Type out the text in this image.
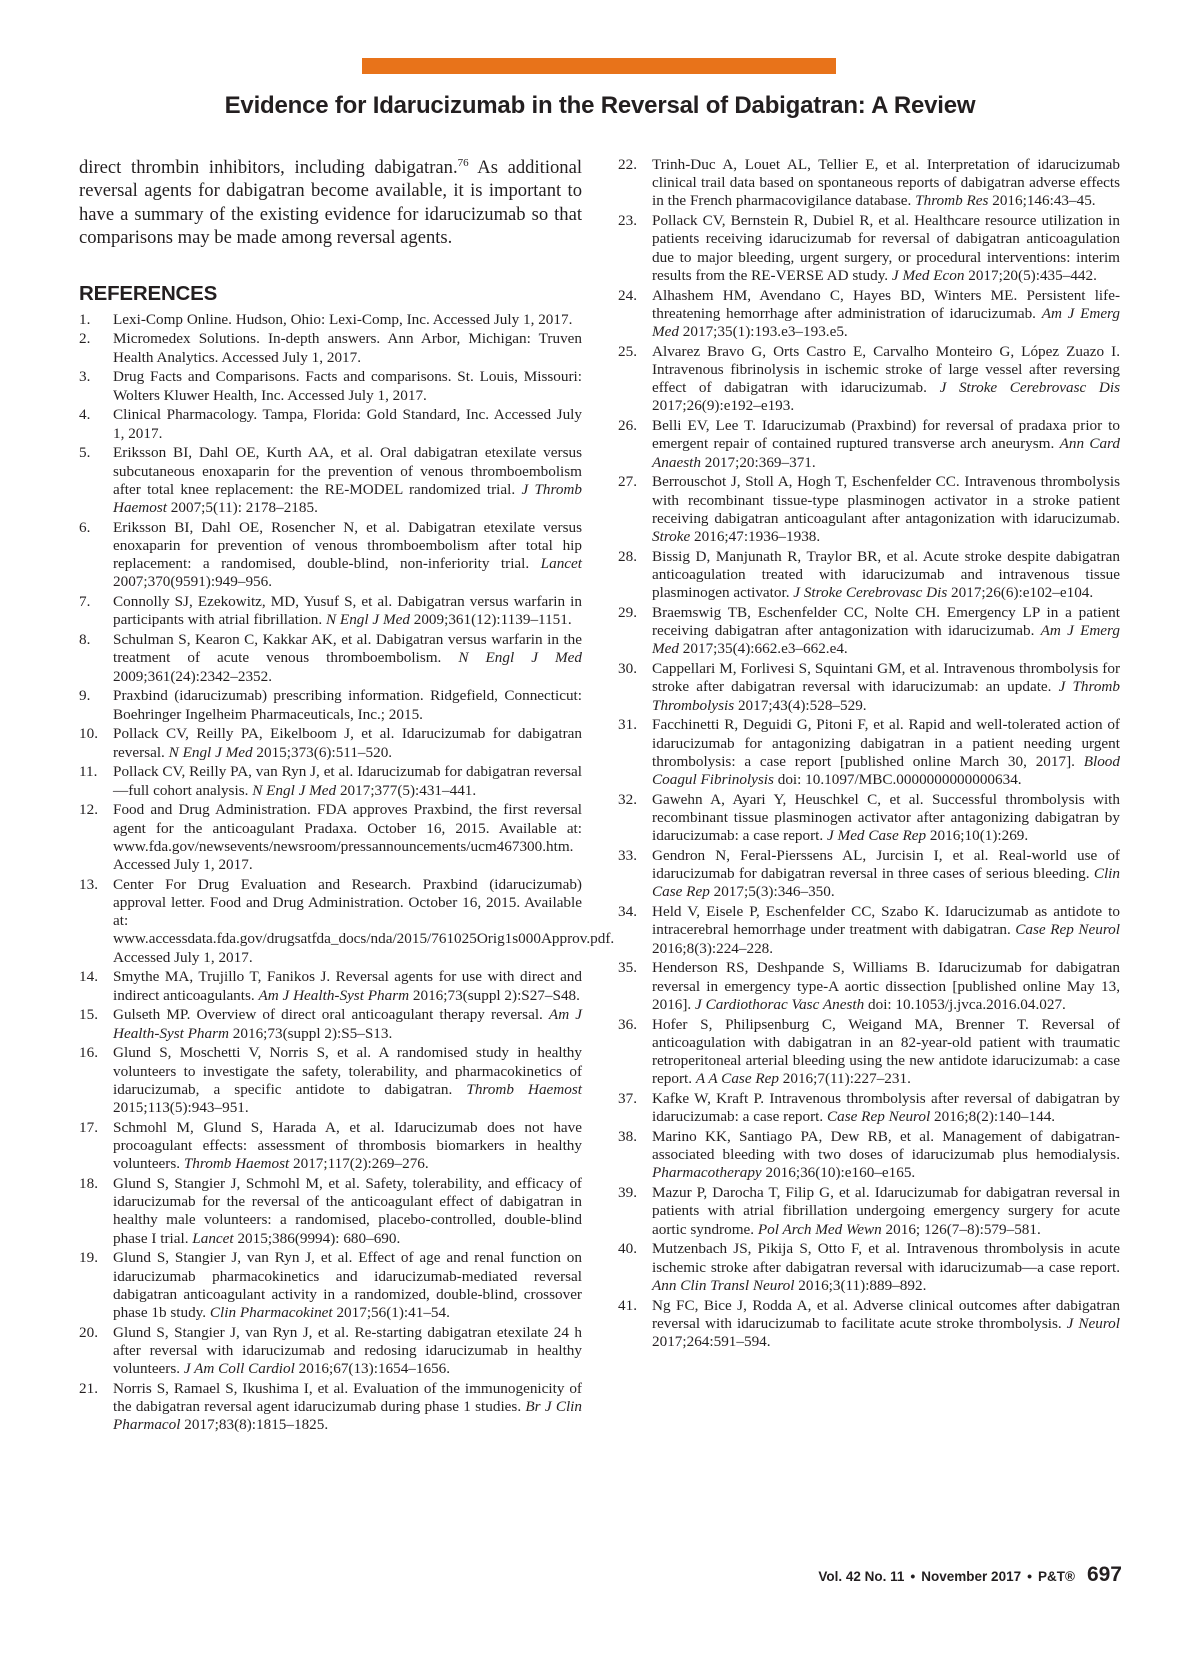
Evidence for Idarucizumab in the Reversal of Dabigatran: A Review

direct thrombin inhibitors, including dabigatran.$^{76}$ As additional reversal agents for dabigatran become available, it is important to have a summary of the existing evidence for idarucizumab so that comparisons may be made among reversal agents.

REFERENCES
1. Lexi-Comp Online. Hudson, Ohio: Lexi-Comp, Inc. Accessed July 1, 2017.
2. Micromedex Solutions. In-depth answers. Ann Arbor, Michigan: Truven Health Analytics. Accessed July 1, 2017.
3. Drug Facts and Comparisons. Facts and comparisons. St. Louis, Missouri: Wolters Kluwer Health, Inc. Accessed July 1, 2017.
4. Clinical Pharmacology. Tampa, Florida: Gold Standard, Inc. Accessed July 1, 2017.
5. Eriksson BI, Dahl OE, Kurth AA, et al. Oral dabigatran etexilate versus subcutaneous enoxaparin for the prevention of venous thromboembolism after total knee replacement: the RE-MODEL randomized trial. J Thromb Haemost 2007;5(11): 2178–2185.
6. Eriksson BI, Dahl OE, Rosencher N, et al. Dabigatran etexilate versus enoxaparin for prevention of venous thromboembolism after total hip replacement: a randomised, double-blind, non-inferiority trial. Lancet 2007;370(9591):949–956.
7. Connolly SJ, Ezekowitz, MD, Yusuf S, et al. Dabigatran versus warfarin in participants with atrial fibrillation. N Engl J Med 2009;361(12):1139–1151.
8. Schulman S, Kearon C, Kakkar AK, et al. Dabigatran versus warfarin in the treatment of acute venous thromboembolism. N Engl J Med 2009;361(24):2342–2352.
9. Praxbind (idarucizumab) prescribing information. Ridgefield, Connecticut: Boehringer Ingelheim Pharmaceuticals, Inc.; 2015.
10. Pollack CV, Reilly PA, Eikelboom J, et al. Idarucizumab for dabigatran reversal. N Engl J Med 2015;373(6):511–520.
11. Pollack CV, Reilly PA, van Ryn J, et al. Idarucizumab for dabigatran reversal—full cohort analysis. N Engl J Med 2017;377(5):431–441.
12. Food and Drug Administration. FDA approves Praxbind, the first reversal agent for the anticoagulant Pradaxa. October 16, 2015. Available at: www.fda.gov/newsevents/newsroom/pressannouncements/ucm467300.htm. Accessed July 1, 2017.
13. Center For Drug Evaluation and Research. Praxbind (idarucizumab) approval letter. Food and Drug Administration. October 16, 2015. Available at: www.accessdata.fda.gov/drugsatfda_docs/nda/2015/761025Orig1s000Approv.pdf. Accessed July 1, 2017.
14. Smythe MA, Trujillo T, Fanikos J. Reversal agents for use with direct and indirect anticoagulants. Am J Health-Syst Pharm 2016;73(suppl 2):S27–S48.
15. Gulseth MP. Overview of direct oral anticoagulant therapy reversal. Am J Health-Syst Pharm 2016;73(suppl 2):S5–S13.
16. Glund S, Moschetti V, Norris S, et al. A randomised study in healthy volunteers to investigate the safety, tolerability, and pharmacokinetics of idarucizumab, a specific antidote to dabigatran. Thromb Haemost 2015;113(5):943–951.
17. Schmohl M, Glund S, Harada A, et al. Idarucizumab does not have procoagulant effects: assessment of thrombosis biomarkers in healthy volunteers. Thromb Haemost 2017;117(2):269–276.
18. Glund S, Stangier J, Schmohl M, et al. Safety, tolerability, and efficacy of idarucizumab for the reversal of the anticoagulant effect of dabigatran in healthy male volunteers: a randomised, placebo-controlled, double-blind phase I trial. Lancet 2015;386(9994): 680–690.
19. Glund S, Stangier J, van Ryn J, et al. Effect of age and renal function on idarucizumab pharmacokinetics and idarucizumab-mediated reversal dabigatran anticoagulant activity in a randomized, double-blind, crossover phase 1b study. Clin Pharmacokinet 2017;56(1):41–54.
20. Glund S, Stangier J, van Ryn J, et al. Re-starting dabigatran etexilate 24 h after reversal with idarucizumab and redosing idarucizumab in healthy volunteers. J Am Coll Cardiol 2016;67(13):1654–1656.
21. Norris S, Ramael S, Ikushima I, et al. Evaluation of the immunogenicity of the dabigatran reversal agent idarucizumab during phase 1 studies. Br J Clin Pharmacol 2017;83(8):1815–1825.
22. Trinh-Duc A, Louet AL, Tellier E, et al. Interpretation of idarucizumab clinical trail data based on spontaneous reports of dabigatran adverse effects in the French pharmacovigilance database. Thromb Res 2016;146:43–45.
23. Pollack CV, Bernstein R, Dubiel R, et al. Healthcare resource utilization in patients receiving idarucizumab for reversal of dabigatran anticoagulation due to major bleeding, urgent surgery, or procedural interventions: interim results from the RE-VERSE AD study. J Med Econ 2017;20(5):435–442.
24. Alhashem HM, Avendano C, Hayes BD, Winters ME. Persistent life-threatening hemorrhage after administration of idarucizumab. Am J Emerg Med 2017;35(1):193.e3–193.e5.
25. Alvarez Bravo G, Orts Castro E, Carvalho Monteiro G, López Zuazo I. Intravenous fibrinolysis in ischemic stroke of large vessel after reversing effect of dabigatran with idarucizumab. J Stroke Cerebrovasc Dis 2017;26(9):e192–e193.
26. Belli EV, Lee T. Idarucizumab (Praxbind) for reversal of pradaxa prior to emergent repair of contained ruptured transverse arch aneurysm. Ann Card Anaesth 2017;20:369–371.
27. Berrouschot J, Stoll A, Hogh T, Eschenfelder CC. Intravenous thrombolysis with recombinant tissue-type plasminogen activator in a stroke patient receiving dabigatran anticoagulant after antagonization with idarucizumab. Stroke 2016;47:1936–1938.
28. Bissig D, Manjunath R, Traylor BR, et al. Acute stroke despite dabigatran anticoagulation treated with idarucizumab and intravenous tissue plasminogen activator. J Stroke Cerebrovasc Dis 2017;26(6):e102–e104.
29. Braemswig TB, Eschenfelder CC, Nolte CH. Emergency LP in a patient receiving dabigatran after antagonization with idarucizumab. Am J Emerg Med 2017;35(4):662.e3–662.e4.
30. Cappellari M, Forlivesi S, Squintani GM, et al. Intravenous thrombolysis for stroke after dabigatran reversal with idarucizumab: an update. J Thromb Thrombolysis 2017;43(4):528–529.
31. Facchinetti R, Deguidi G, Pitoni F, et al. Rapid and well-tolerated action of idarucizumab for antagonizing dabigatran in a patient needing urgent thrombolysis: a case report [published online March 30, 2017]. Blood Coagul Fibrinolysis doi: 10.1097/MBC.0000000000000634.
32. Gawehn A, Ayari Y, Heuschkel C, et al. Successful thrombolysis with recombinant tissue plasminogen activator after antagonizing dabigatran by idarucizumab: a case report. J Med Case Rep 2016;10(1):269.
33. Gendron N, Feral-Pierssens AL, Jurcisin I, et al. Real-world use of idarucizumab for dabigatran reversal in three cases of serious bleeding. Clin Case Rep 2017;5(3):346–350.
34. Held V, Eisele P, Eschenfelder CC, Szabo K. Idarucizumab as antidote to intracerebral hemorrhage under treatment with dabigatran. Case Rep Neurol 2016;8(3):224–228.
35. Henderson RS, Deshpande S, Williams B. Idarucizumab for dabigatran reversal in emergency type-A aortic dissection [published online May 13, 2016]. J Cardiothorac Vasc Anesth doi: 10.1053/j.jvca.2016.04.027.
36. Hofer S, Philipsenburg C, Weigand MA, Brenner T. Reversal of anticoagulation with dabigatran in an 82-year-old patient with traumatic retroperitoneal arterial bleeding using the new antidote idarucizumab: a case report. A A Case Rep 2016;7(11):227–231.
37. Kafke W, Kraft P. Intravenous thrombolysis after reversal of dabigatran by idarucizumab: a case report. Case Rep Neurol 2016;8(2):140–144.
38. Marino KK, Santiago PA, Dew RB, et al. Management of dabigatran-associated bleeding with two doses of idarucizumab plus hemodialysis. Pharmacotherapy 2016;36(10):e160–e165.
39. Mazur P, Darocha T, Filip G, et al. Idarucizumab for dabigatran reversal in patients with atrial fibrillation undergoing emergency surgery for acute aortic syndrome. Pol Arch Med Wewn 2016; 126(7–8):579–581.
40. Mutzenbach JS, Pikija S, Otto F, et al. Intravenous thrombolysis in acute ischemic stroke after dabigatran reversal with idarucizumab—a case report. Ann Clin Transl Neurol 2016;3(11):889–892.
41. Ng FC, Bice J, Rodda A, et al. Adverse clinical outcomes after dabigatran reversal with idarucizumab to facilitate acute stroke thrombolysis. J Neurol 2017;264:591–594.
Vol. 42 No. 11 • November 2017 • P&T® 697
